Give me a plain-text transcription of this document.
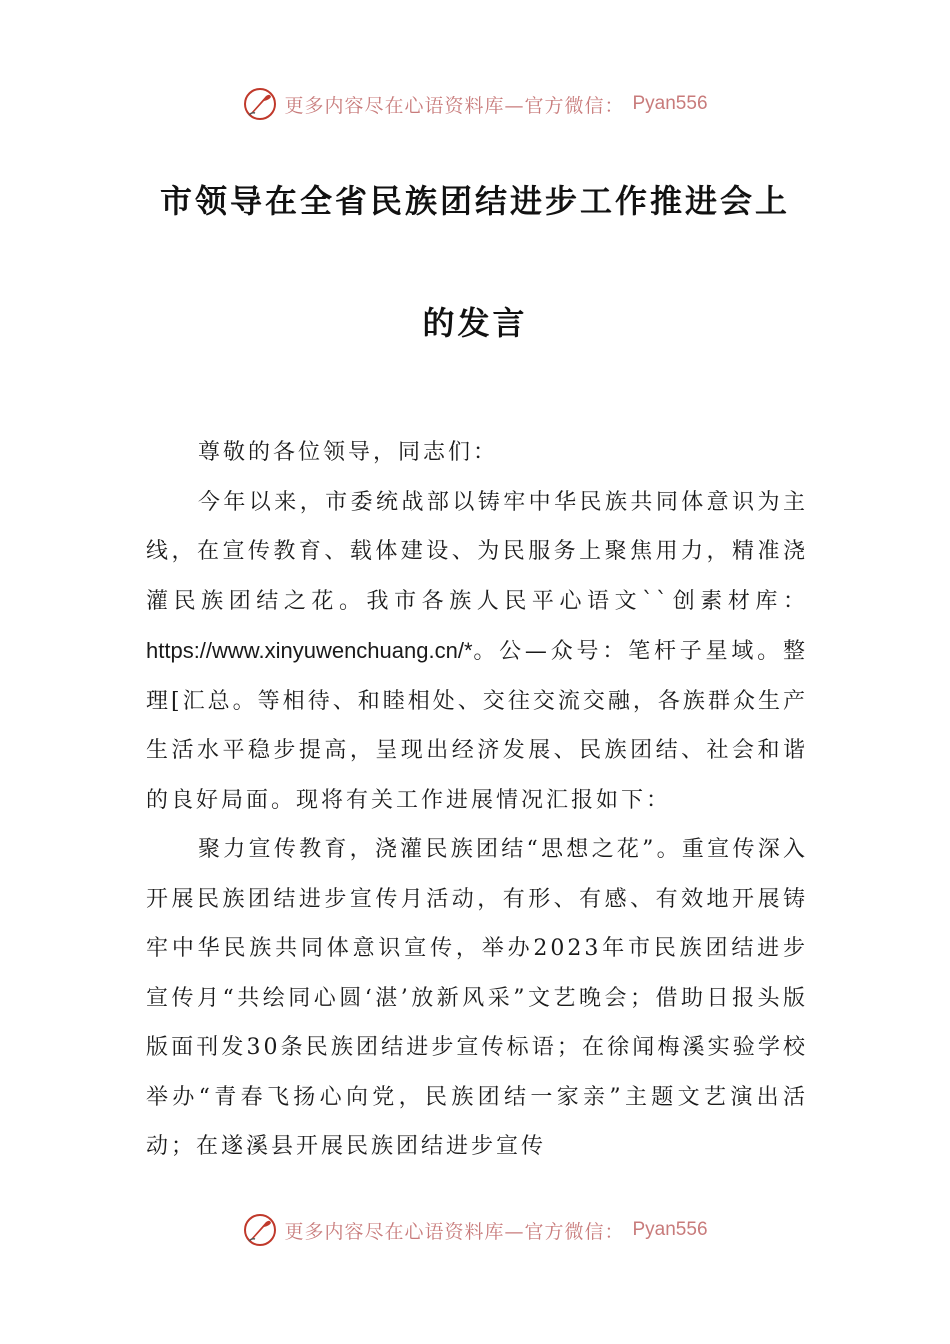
更多内容尽在心语资料库—官方微信： Pyan556
市领导在全省民族团结进步工作推进会上
的发言

尊敬的各位领导，同志们：

今年以来，市委统战部以铸牢中华民族共同体意识为主线，在宣传教育、载体建设、为民服务上聚焦用力，精准浇灌民族团结之花。我市各族人民平心语文``创素材库：https://www.xinyuwenchuang.cn/*。公—众号：笔杆子星域。整理[汇总。等相待、和睦相处、交往交流交融，各族群众生产生活水平稳步提高，呈现出经济发展、民族团结、社会和谐的良好局面。现将有关工作进展情况汇报如下：

聚力宣传教育，浇灌民族团结“思想之花”。重宣传深入开展民族团结进步宣传月活动，有形、有感、有效地开展铸牢中华民族共同体意识宣传，举办2023年市民族团结进步宣传月“共绘同心圆‘湛’放新风采”文艺晚会；借助日报头版版面刊发30条民族团结进步宣传标语；在徐闻梅溪实验学校举办“青春飞扬心向党，民族团结一家亲”主题文艺演出活动；在遂溪县开展民族团结进步宣传

更多内容尽在心语资料库—官方微信： Pyan556
